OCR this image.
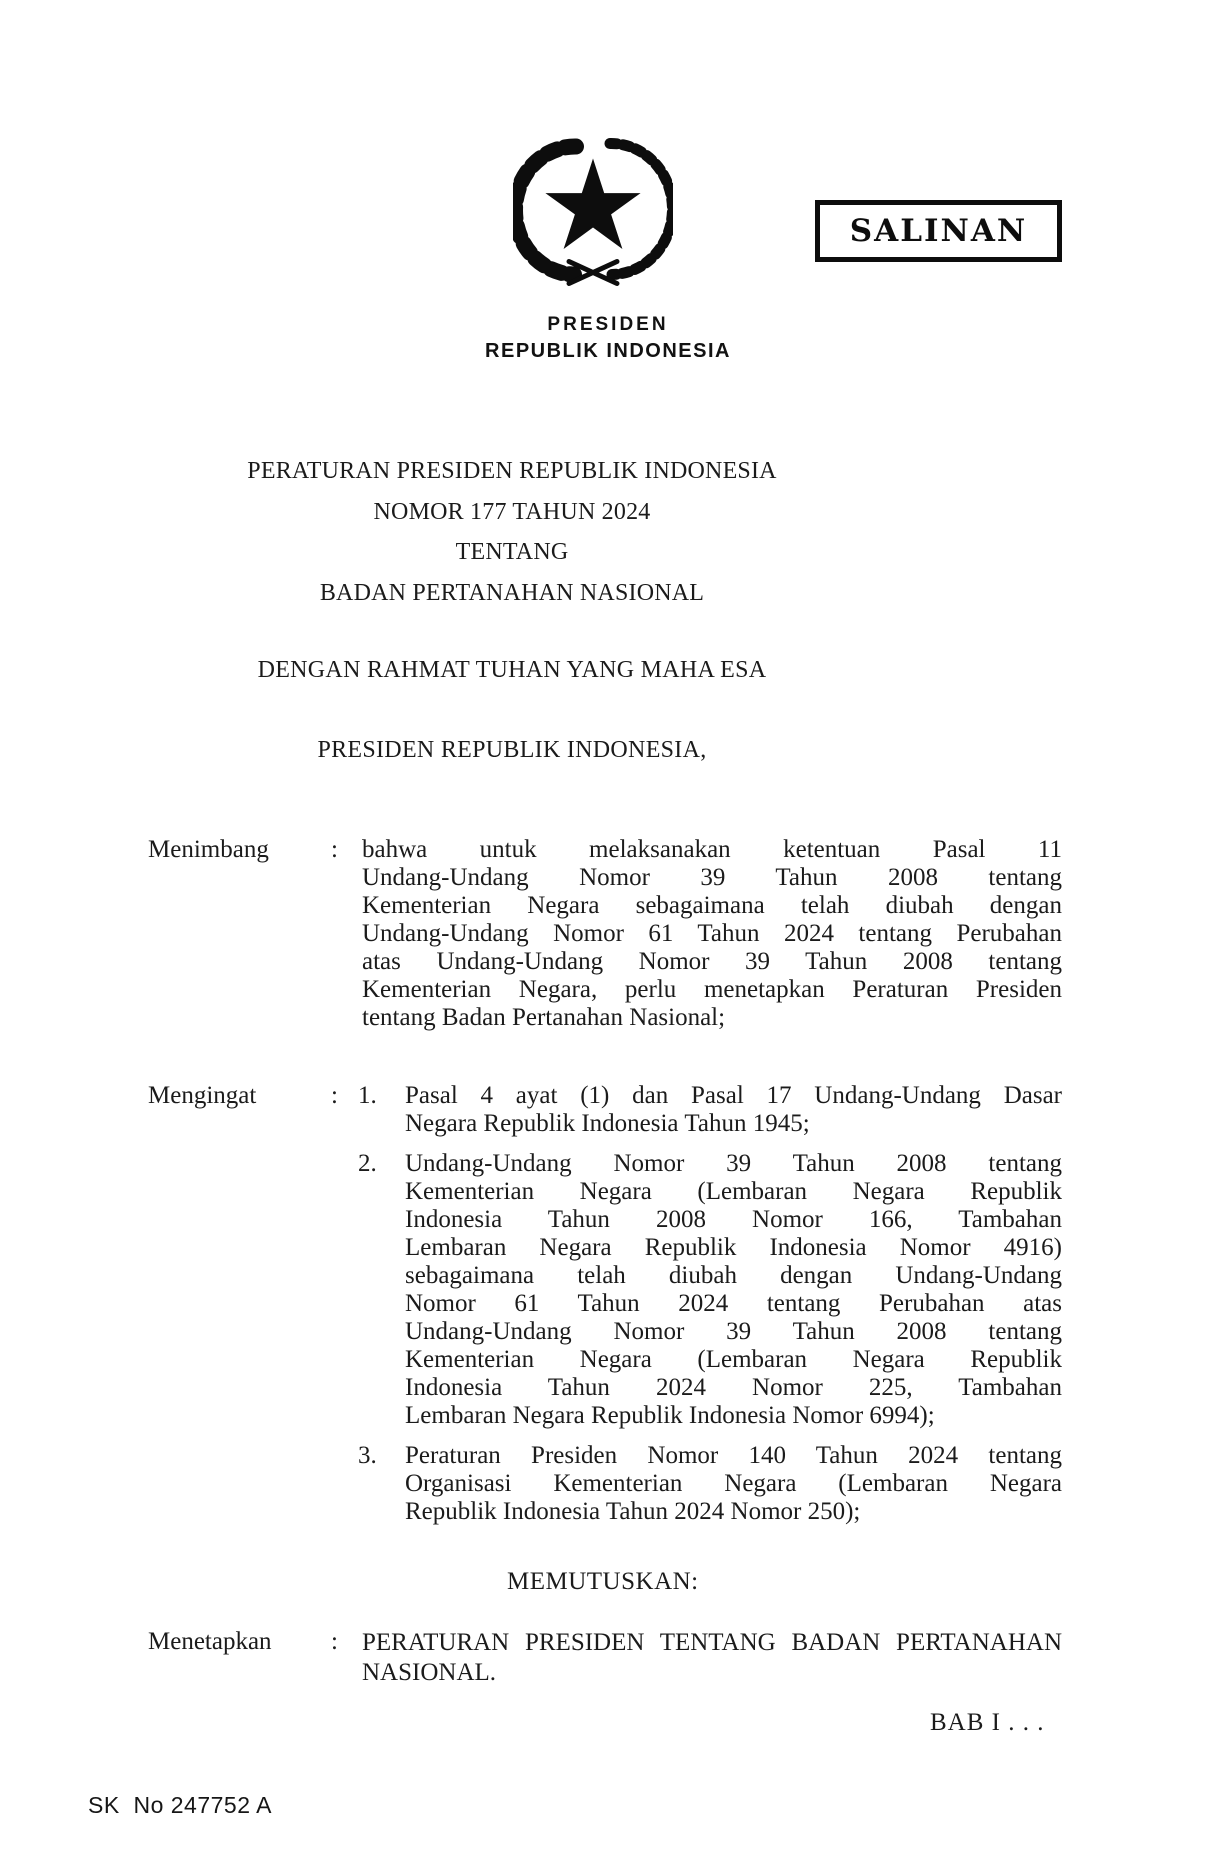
PRESIDEN
REPUBLIK INDONESIA
SALINAN
PERATURAN PRESIDEN REPUBLIK INDONESIA
NOMOR 177 TAHUN 2024
TENTANG
BADAN PERTANAHAN NASIONAL
DENGAN RAHMAT TUHAN YANG MAHA ESA
PRESIDEN REPUBLIK INDONESIA,
Menimbang : bahwa untuk melaksanakan ketentuan Pasal 11
Undang-Undang Nomor 39 Tahun 2008 tentang
Kementerian Negara sebagaimana telah diubah dengan
Undang-Undang Nomor 61 Tahun 2024 tentang Perubahan
atas Undang-Undang Nomor 39 Tahun 2008 tentang
Kementerian Negara, perlu menetapkan Peraturan Presiden
tentang Badan Pertanahan Nasional;
Mengingat	: 1.	Pasal 4 ayat (1) dan Pasal 17 Undang-Undang Dasar
Negara Republik Indonesia Tahun 1945;
2.	Undang-Undang Nomor 39 Tahun 2008 tentang
Kementerian Negara (Lembaran Negara Republik
Indonesia Tahun 2008 Nomor 166, Tambahan
Lembaran Negara Republik Indonesia Nomor 4916)
sebagaimana telah diubah dengan Undang-Undang
Nomor 61 Tahun 2024 tentang Perubahan atas
Undang-Undang Nomor 39 Tahun 2008 tentang
Kementerian Negara (Lembaran Negara Republik
Indonesia Tahun 2024 Nomor 225, Tambahan
Lembaran Negara Republik Indonesia Nomor 6994);
3.	Peraturan Presiden Nomor 140 Tahun 2024 tentang
Organisasi Kementerian Negara (Lembaran Negara
Republik Indonesia Tahun 2024 Nomor 250);
MEMUTUSKAN:
Menetapkan : PERATURAN PRESIDEN TENTANG BADAN PERTANAHAN
NASIONAL.
BAB I . . .
SK  No 247752 A
